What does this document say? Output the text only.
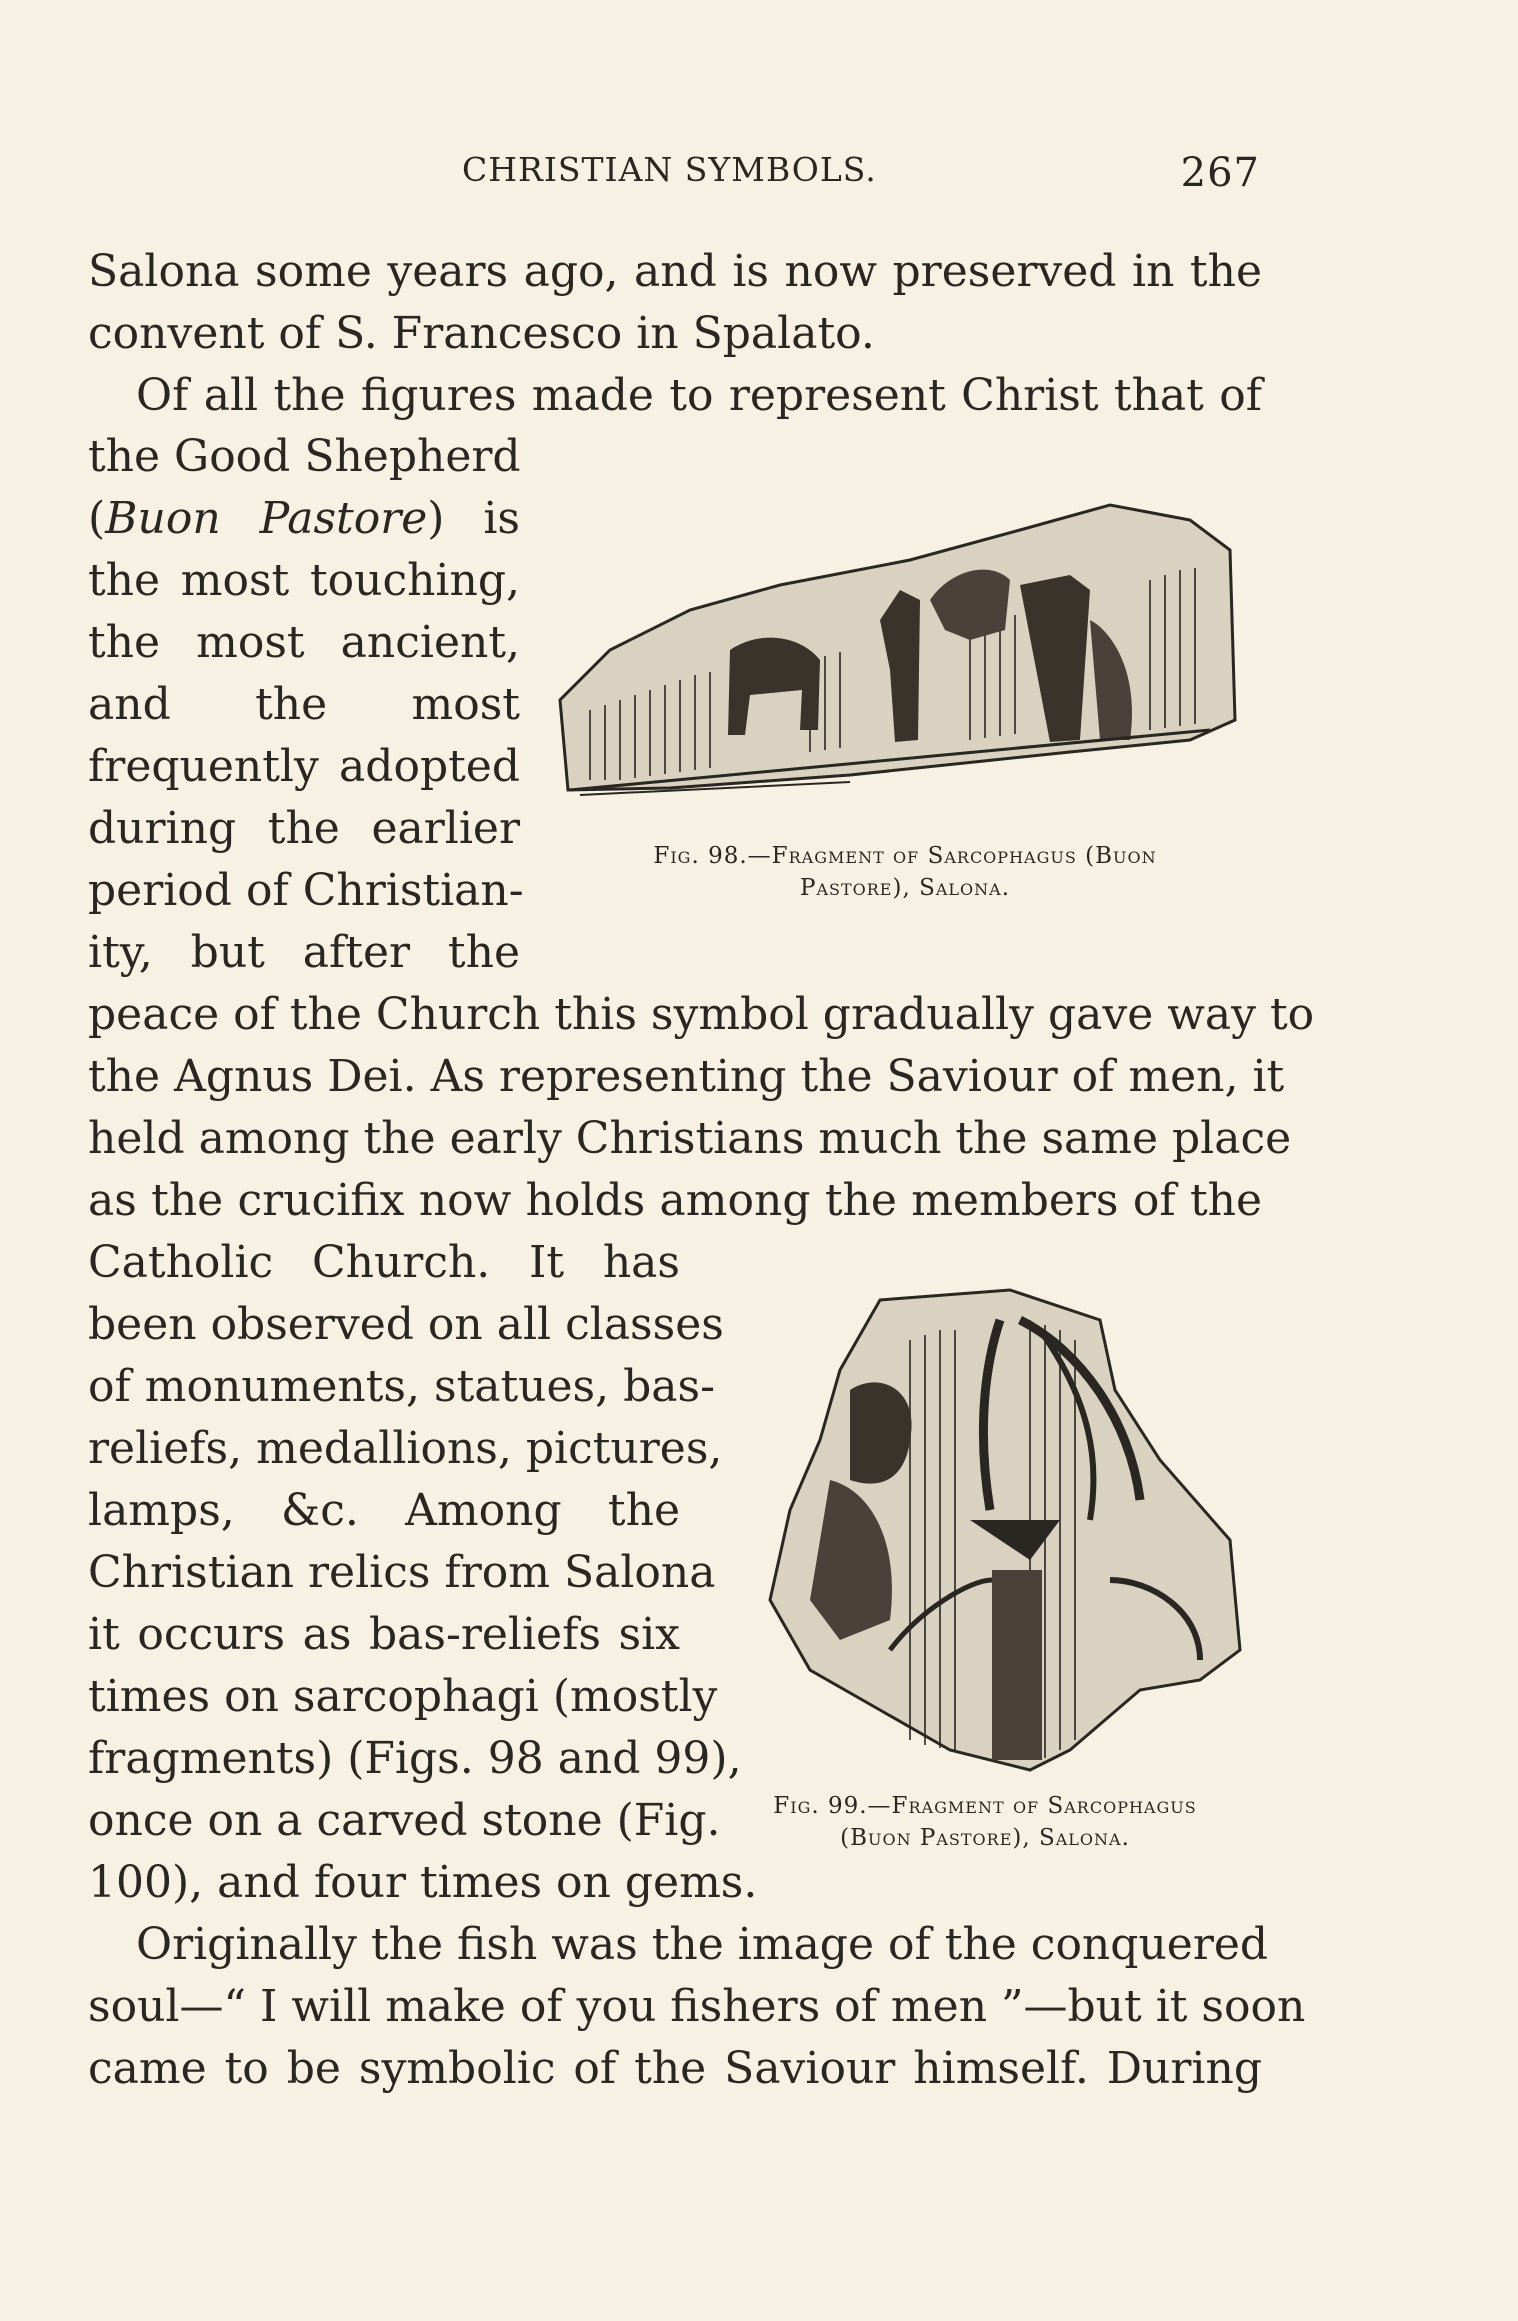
CHRISTIAN SYMBOLS.	267
Salona some years ago, and is now preserved in the
convent of S. Francesco in Spalato.
Of all the figures made to represent Christ that of
the Good Shepherd
(Buon Pastore) is
the most touching,
the most ancient,
and the most
frequently adopted
during the earlier
period of Christian-
ity, but after the
peace of the Church this symbol gradually gave way to
the Agnus Dei. As representing the Saviour of men, it
held among the early Christians much the same place
as the crucifix now holds among the members of the
Catholic Church. It has
been observed on all classes
of monuments, statues, bas-
reliefs, medallions, pictures,
lamps, &c. Among the
Christian relics from Salona
it occurs as bas-reliefs six
times on sarcophagi (mostly
fragments) (Figs. 98 and 99),
once on a carved stone (Fig.
100), and four times on gems.
Originally the fish was the image of the conquered
soul—“ I will make of you fishers of men ”—but it soon
came to be symbolic of the Saviour himself. During
Fig. 98.—Fragment of Sarcophagus (Buon
Pastore), Salona.
Fig. 99.—Fragment of Sarcophagus
(Buon Pastore), Salona.
